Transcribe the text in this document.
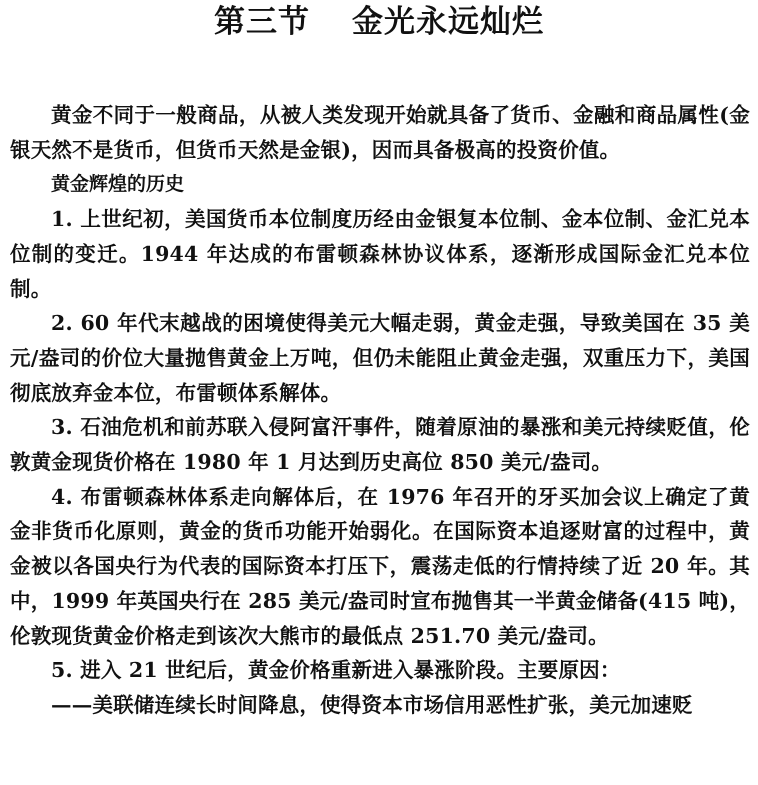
第三节 金光永远灿烂

黄金不同于一般商品，从被人类发现开始就具备了货币、金融和商品属性(金银天然不是货币，但货币天然是金银)，因而具备极高的投资价值。

黄金辉煌的历史

1. 上世纪初，美国货币本位制度历经由金银复本位制、金本位制、金汇兑本位制的变迁。1944 年达成的布雷顿森林协议体系，逐渐形成国际金汇兑本位制。

2. 60 年代末越战的困境使得美元大幅走弱，黄金走强，导致美国在 35 美元/盎司的价位大量抛售黄金上万吨，但仍未能阻止黄金走强，双重压力下，美国彻底放弃金本位，布雷顿体系解体。

3. 石油危机和前苏联入侵阿富汗事件，随着原油的暴涨和美元持续贬值，伦敦黄金现货价格在 1980 年 1 月达到历史高位 850 美元/盎司。

4. 布雷顿森林体系走向解体后，在 1976 年召开的牙买加会议上确定了黄金非货币化原则，黄金的货币功能开始弱化。在国际资本追逐财富的过程中，黄金被以各国央行为代表的国际资本打压下，震荡走低的行情持续了近 20 年。其中，1999 年英国央行在 285 美元/盎司时宣布抛售其一半黄金储备(415 吨)，伦敦现货黄金价格走到该次大熊市的最低点 251.70 美元/盎司。

5. 进入 21 世纪后，黄金价格重新进入暴涨阶段。主要原因：

——美联储连续长时间降息，使得资本市场信用恶性扩张，美元加速贬
